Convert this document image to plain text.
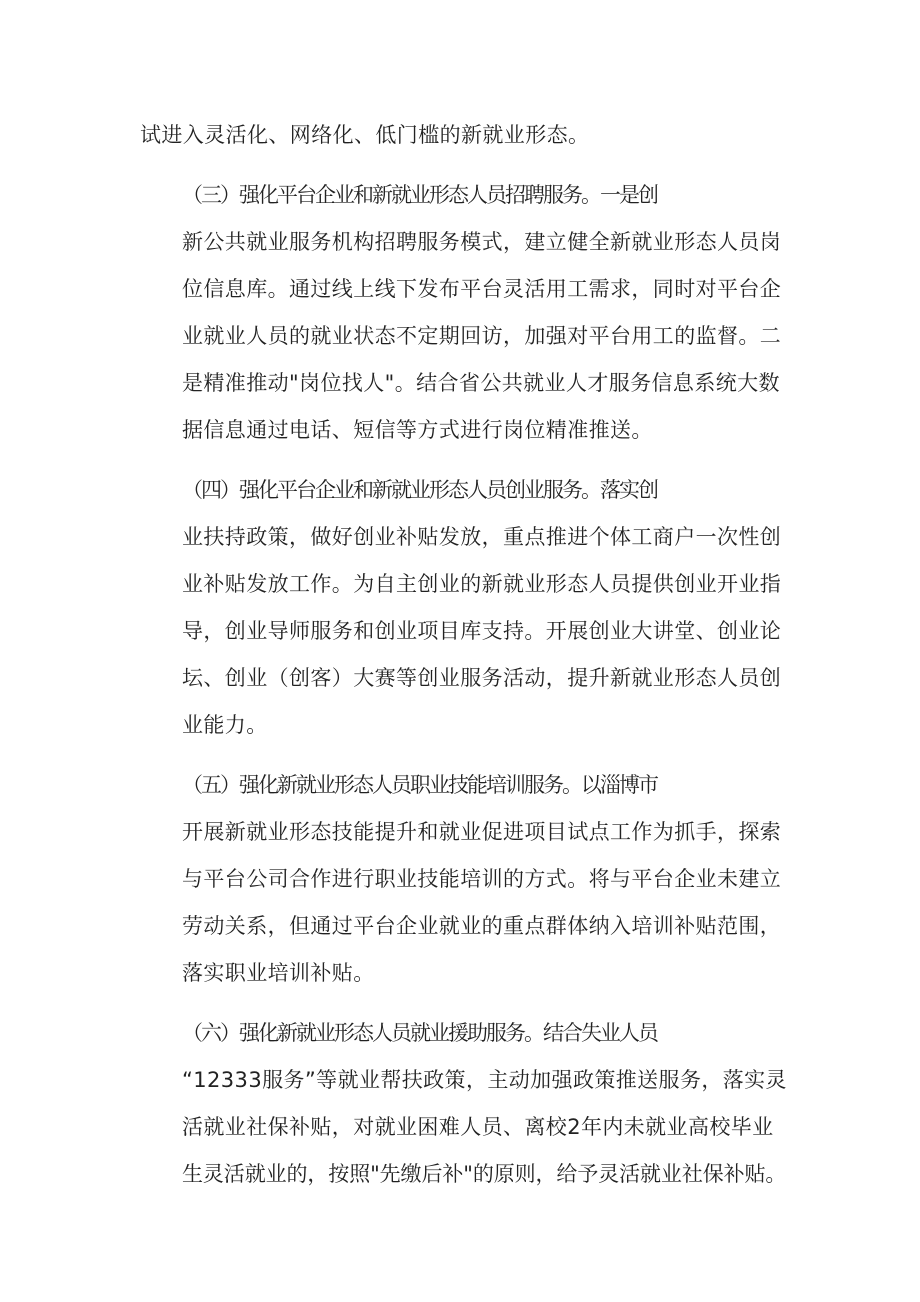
试进入灵活化、网络化、低门槛的新就业形态。
（三）强化平台企业和新就业形态人员招聘服务。一是创
新公共就业服务机构招聘服务模式，建立健全新就业形态人员岗
位信息库。通过线上线下发布平台灵活用工需求，同时对平台企
业就业人员的就业状态不定期回访，加强对平台用工的监督。二
是精准推动"岗位找人"。结合省公共就业人才服务信息系统大数
据信息通过电话、短信等方式进行岗位精准推送。
（四）强化平台企业和新就业形态人员创业服务。落实创
业扶持政策，做好创业补贴发放，重点推进个体工商户一次性创
业补贴发放工作。为自主创业的新就业形态人员提供创业开业指
导，创业导师服务和创业项目库支持。开展创业大讲堂、创业论
坛、创业（创客）大赛等创业服务活动，提升新就业形态人员创
业能力。
（五）强化新就业形态人员职业技能培训服务。以淄博市
开展新就业形态技能提升和就业促进项目试点工作为抓手，探索
与平台公司合作进行职业技能培训的方式。将与平台企业未建立
劳动关系，但通过平台企业就业的重点群体纳入培训补贴范围，
落实职业培训补贴。
（六）强化新就业形态人员就业援助服务。结合失业人员
“12333服务”等就业帮扶政策，主动加强政策推送服务，落实灵
活就业社保补贴，对就业困难人员、离校2年内未就业高校毕业
生灵活就业的，按照"先缴后补"的原则，给予灵活就业社保补贴。
